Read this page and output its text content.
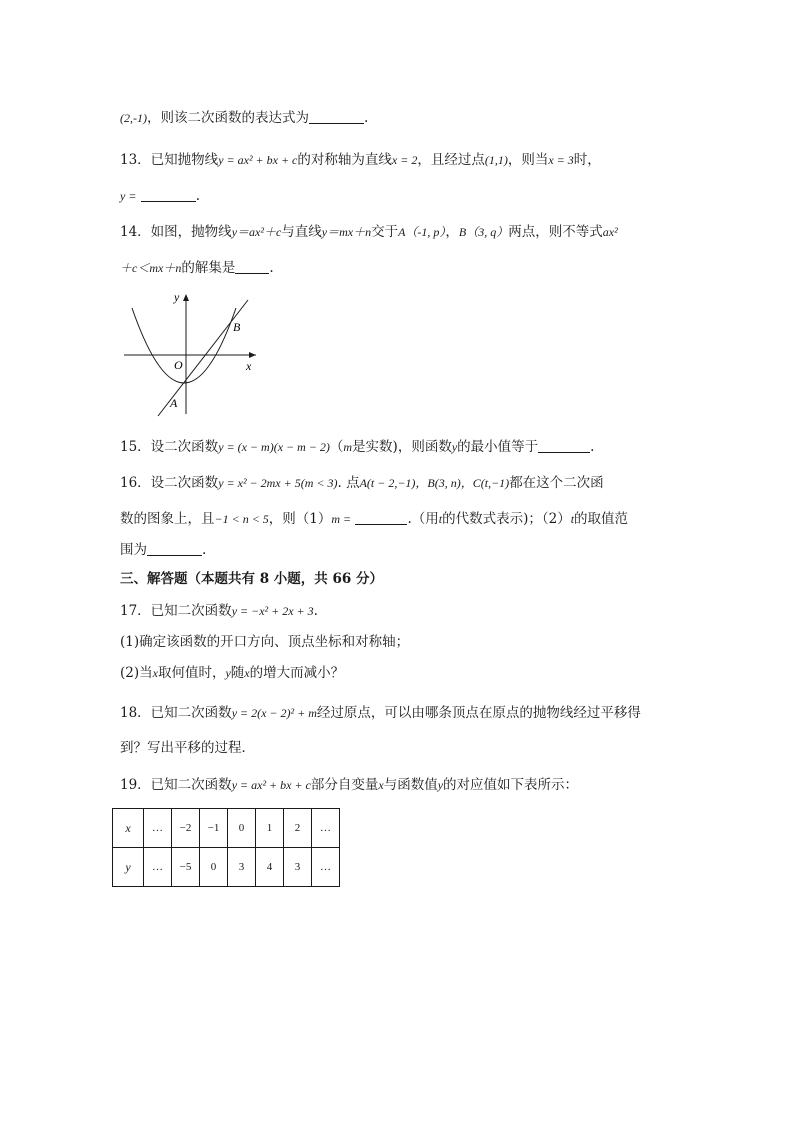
(2,-1)，则该二次函数的表达式为	.
13．已知抛物线y = ax² + bx + c的对称轴为直线x = 2，且经过点(1,1)，则当x = 3时，
y =	.
14．如图，抛物线y＝ax²＋c与直线y＝mx＋n交于A（-1, p），B（3, q）两点，则不等式ax²
＋c＜mx＋n的解集是	.
y
x
O
A
B
15．设二次函数y = (x − m)(x − m − 2)（m是实数)，则函数y的最小值等于	.
16．设二次函数y = x² − 2mx + 5(m < 3). 点A(t − 2,−1)，B(3, n)，C(t,−1)都在这个二次函
数的图象上，且−1 < n < 5，则（1）m =	.（用t的代数式表示)；（2）t的取值范
围为	.
三、解答题（本题共有 8 小题，共 66 分）
17．已知二次函数y = −x² + 2x + 3.
(1)确定该函数的开口方向、顶点坐标和对称轴；
(2)当x取何值时，y随x的增大而减小？
18．已知二次函数y = 2(x − 2)² + m经过原点，可以由哪条顶点在原点的抛物线经过平移得
到？写出平移的过程．
19．已知二次函数y = ax² + bx + c部分自变量x与函数值y的对应值如下表所示：
x	…	−2	−1	0	1	2	…
y	…	−5	0	3	4	3	…
